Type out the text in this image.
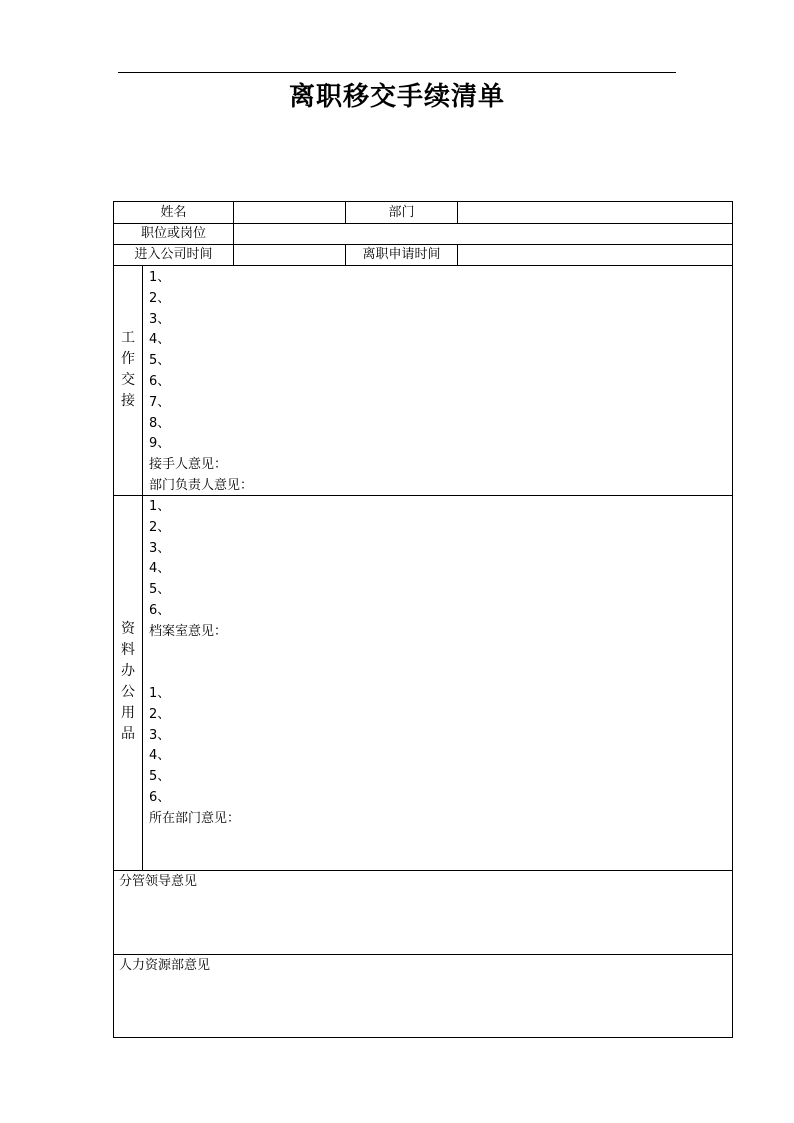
离职移交手续清单
姓名	部门
职位或岗位
进入公司时间	离职申请时间
工
作
交
接
1、
2、
3、
4、
5、
6、
7、
8、
9、
接手人意见：
部门负责人意见：
资
料
办
公
用
品
1、
2、
3、
4、
5、
6、
档案室意见：
1、
2、
3、
4、
5、
6、
所在部门意见：
分管领导意见
人力资源部意见
